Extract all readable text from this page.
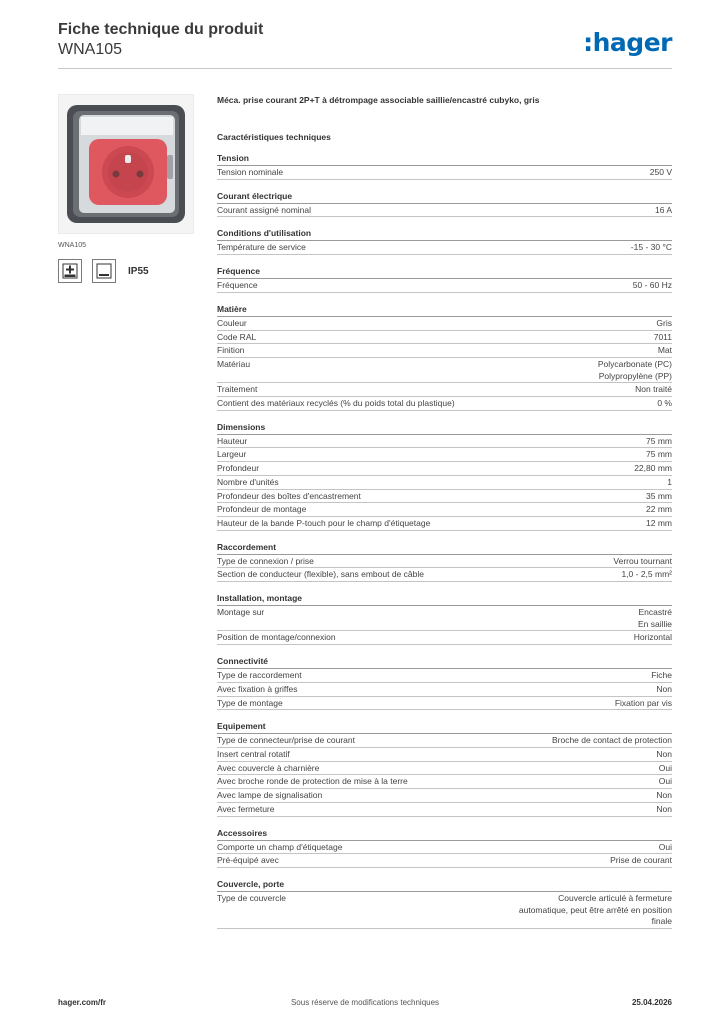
Fiche technique du produit
WNA105	:hager
WNA105
IP55
Méca. prise courant 2P+T à détrompage associable saillie/encastré cubyko, gris
Caractéristiques techniques
Tension
Tension nominale	250 V
Courant électrique
Courant assigné nominal	16 A
Conditions d'utilisation
Température de service	-15 - 30 °C
Fréquence
Fréquence	50 - 60 Hz
Matière
Couleur	Gris
Code RAL	7011
Finition	Mat
Matériau	Polycarbonate (PC)
Polypropylène (PP)
Traitement	Non traité
Contient des matériaux recyclés (% du poids total du plastique)	0 %
Dimensions
Hauteur	75 mm
Largeur	75 mm
Profondeur	22,80 mm
Nombre d'unités	1
Profondeur des boîtes d'encastrement	35 mm
Profondeur de montage	22 mm
Hauteur de la bande P-touch pour le champ d'étiquetage	12 mm
Raccordement
Type de connexion / prise	Verrou tournant
Section de conducteur (flexible), sans embout de câble	1,0 - 2,5 mm²
Installation, montage
Montage sur	Encastré
En saillie
Position de montage/connexion	Horizontal
Connectivité
Type de raccordement	Fiche
Avec fixation à griffes	Non
Type de montage	Fixation par vis
Equipement
Type de connecteur/prise de courant	Broche de contact de protection
Insert central rotatif	Non
Avec couvercle à charnière	Oui
Avec broche ronde de protection de mise à la terre	Oui
Avec lampe de signalisation	Non
Avec fermeture	Non
Accessoires
Comporte un champ d'étiquetage	Oui
Pré-équipé avec	Prise de courant
Couvercle, porte
Type de couvercle	Couvercle articulé à fermeture
automatique, peut être arrêté en position
finale
hager.com/fr	Sous réserve de modifications techniques	25.04.2026
